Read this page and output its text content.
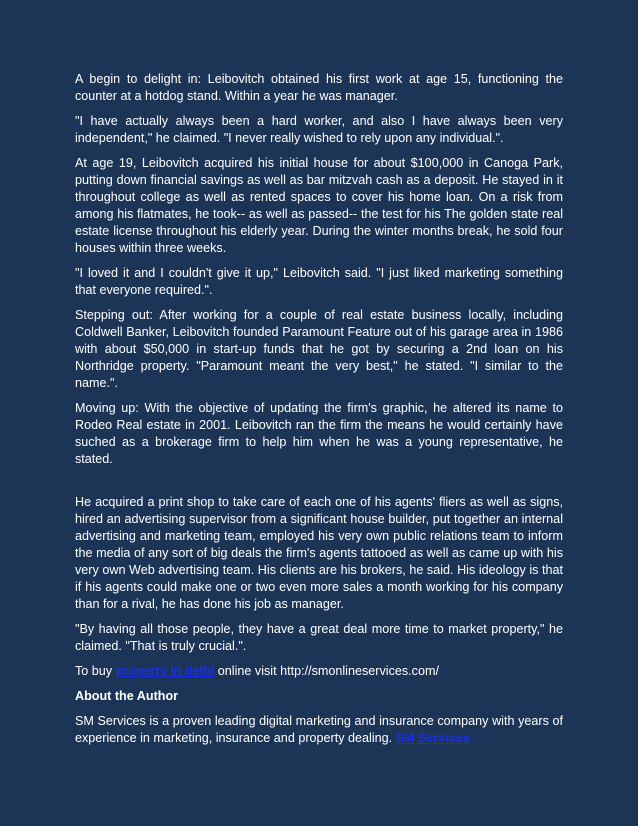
A begin to delight in: Leibovitch obtained his first work at age 15, functioning the counter at a hotdog stand. Within a year he was manager.

"I have actually always been a hard worker, and also I have always been very independent," he claimed. "I never really wished to rely upon any individual.".

At age 19, Leibovitch acquired his initial house for about $100,000 in Canoga Park, putting down financial savings as well as bar mitzvah cash as a deposit. He stayed in it throughout college as well as rented spaces to cover his home loan. On a risk from among his flatmates, he took-- as well as passed-- the test for his The golden state real estate license throughout his elderly year. During the winter months break, he sold four houses within three weeks.

"I loved it and I couldn't give it up," Leibovitch said. "I just liked marketing something that everyone required.".

Stepping out: After working for a couple of real estate business locally, including Coldwell Banker, Leibovitch founded Paramount Feature out of his garage area in 1986 with about $50,000 in start-up funds that he got by securing a 2nd loan on his Northridge property. "Paramount meant the very best," he stated. "I similar to the name.".

Moving up: With the objective of updating the firm's graphic, he altered its name to Rodeo Real estate in 2001. Leibovitch ran the firm the means he would certainly have suched as a brokerage firm to help him when he was a young representative, he stated.

He acquired a print shop to take care of each one of his agents' fliers as well as signs, hired an advertising supervisor from a significant house builder, put together an internal advertising and marketing team, employed his very own public relations team to inform the media of any sort of big deals the firm's agents tattooed as well as came up with his very own Web advertising team. His clients are his brokers, he said. His ideology is that if his agents could make one or two even more sales a month working for his company than for a rival, he has done his job as manager.

"By having all those people, they have a great deal more time to market property," he claimed. "That is truly crucial.".

To buy property in delhi online visit http://smonlineservices.com/

About the Author

SM Services is a proven leading digital marketing and insurance company with years of experience in marketing, insurance and property dealing. SM Services
